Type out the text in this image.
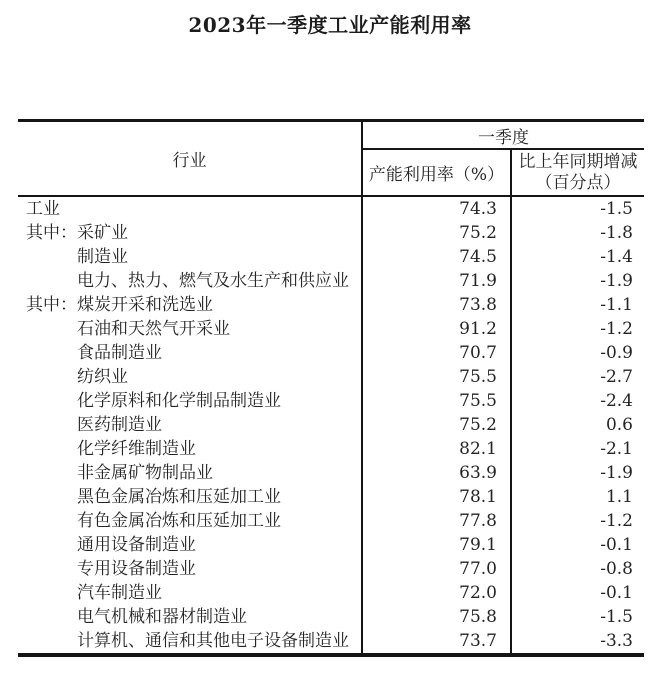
2023年一季度工业产能利用率
行业	一季度	
	产能利用率（%）	比上年同期增减
（百分点）
工业	74.3	-1.5
其中：采矿业	75.2	-1.8
制造业	74.5	-1.4
电力、热力、燃气及水生产和供应业	71.9	-1.9
其中：煤炭开采和洗选业	73.8	-1.1
石油和天然气开采业	91.2	-1.2
食品制造业	70.7	-0.9
纺织业	75.5	-2.7
化学原料和化学制品制造业	75.5	-2.4
医药制造业	75.2	0.6
化学纤维制造业	82.1	-2.1
非金属矿物制品业	63.9	-1.9
黑色金属冶炼和压延加工业	78.1	1.1
有色金属冶炼和压延加工业	77.8	-1.2
通用设备制造业	79.1	-0.1
专用设备制造业	77.0	-0.8
汽车制造业	72.0	-0.1
电气机械和器材制造业	75.8	-1.5
计算机、通信和其他电子设备制造业	73.7	-3.3
